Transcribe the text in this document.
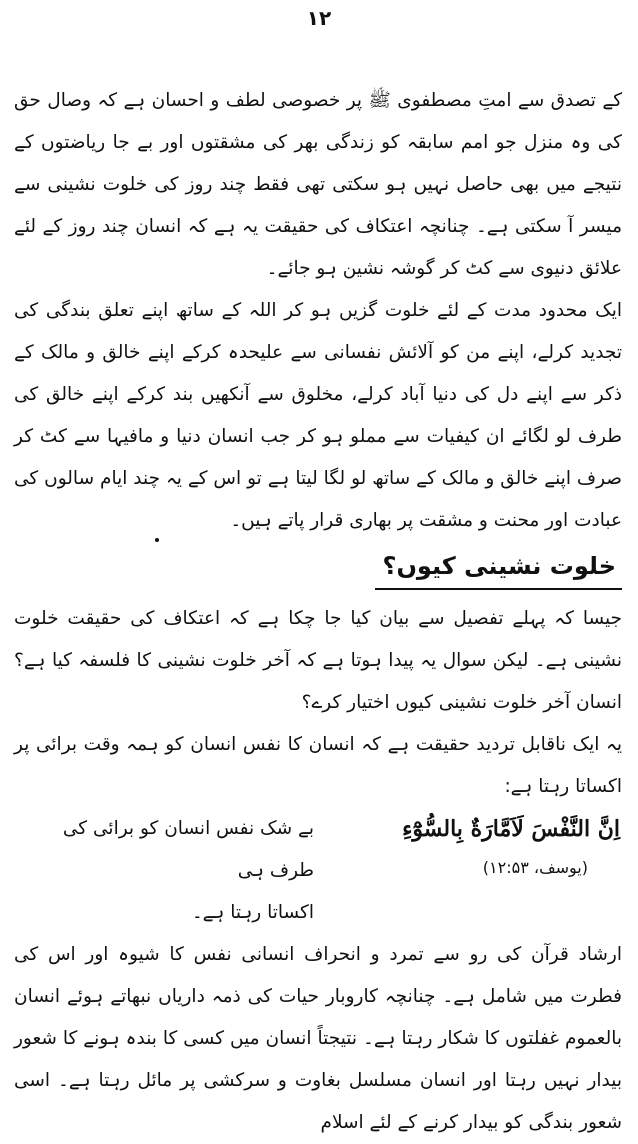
۱۲

کے تصدق سے امتِ مصطفوی ﷺ پر خصوصی لطف و احسان ہے کہ وصال حق کی وہ منزل جو امم سابقہ کو زندگی بھر کی مشقتوں اور بے جا ریاضتوں کے نتیجے میں بھی حاصل نہیں ہو سکتی تھی فقط چند روز کی خلوت نشینی سے میسر آ سکتی ہے۔ چنانچہ اعتکاف کی حقیقت یہ ہے کہ انسان چند روز کے لئے علائق دنیوی سے کٹ کر گوشہ نشین ہو جائے۔

ایک محدود مدت کے لئے خلوت گزیں ہو کر اللہ کے ساتھ اپنے تعلق بندگی کی تجدید کرلے، اپنے من کو آلائش نفسانی سے علیحدہ کرکے اپنے خالق و مالک کے ذکر سے اپنے دل کی دنیا آباد کرلے، مخلوق سے آنکھیں بند کرکے اپنے خالق کی طرف لو لگائے ان کیفیات سے مملو ہو کر جب انسان دنیا و مافیہا سے کٹ کر صرف اپنے خالق و مالک کے ساتھ لو لگا لیتا ہے تو اس کے یہ چند ایام سالوں کی عبادت اور محنت و مشقت پر بھاری قرار پاتے ہیں۔

خلوت نشینی کیوں؟

جیسا کہ پہلے تفصیل سے بیان کیا جا چکا ہے کہ اعتکاف کی حقیقت خلوت نشینی ہے۔ لیکن سوال یہ پیدا ہوتا ہے کہ آخر خلوت نشینی کا فلسفہ کیا ہے؟ انسان آخر خلوت نشینی کیوں اختیار کرے؟

یہ ایک ناقابل تردید حقیقت ہے کہ انسان کا نفس انسان کو ہمہ وقت برائی پر اکساتا رہتا ہے:

اِنَّ النَّفْسَ لَاَمَّارَةٌ بِالسُّوْٓءِ
(یوسف، ۱۲:۵۳)
بے شک نفس انسان کو برائی کی طرف ہی
اکساتا رہتا ہے۔

ارشاد قرآن کی رو سے تمرد و انحراف انسانی نفس کا شیوہ اور اس کی فطرت میں شامل ہے۔ چنانچہ کاروبار حیات کی ذمہ داریاں نبھاتے ہوئے انسان بالعموم غفلتوں کا شکار رہتا ہے۔ نتیجتاً انسان میں کسی کا بندہ ہونے کا شعور بیدار نہیں رہتا اور انسان مسلسل بغاوت و سرکشی پر مائل رہتا ہے۔ اسی شعور بندگی کو بیدار کرنے کے لئے اسلام
